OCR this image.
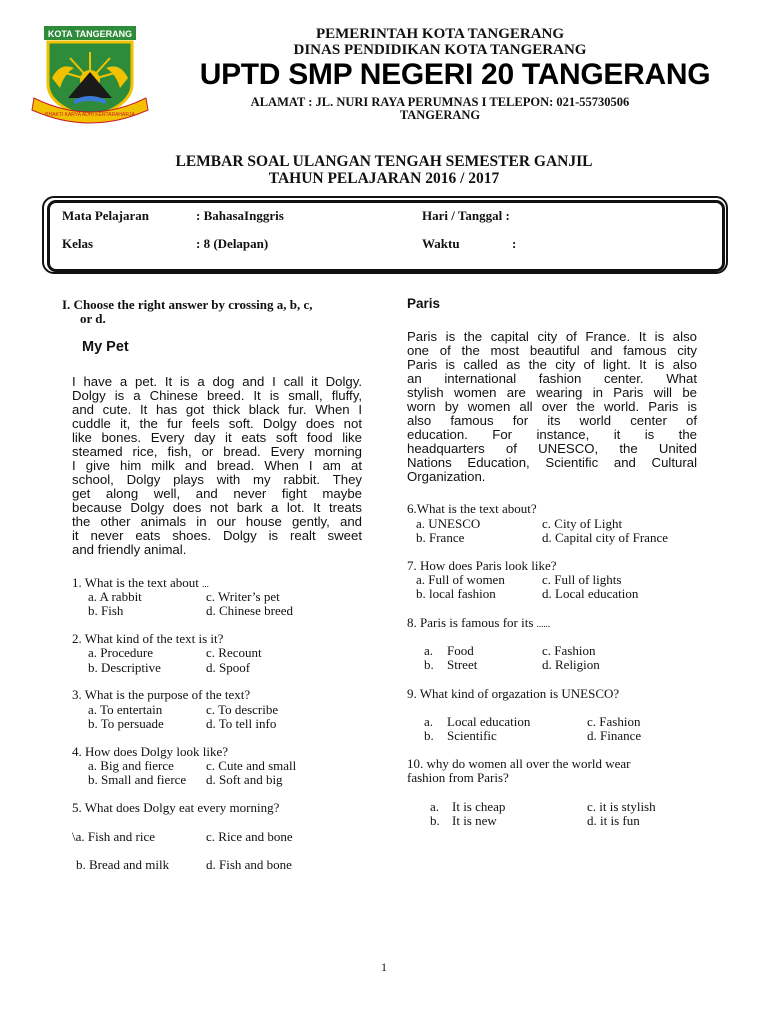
KOTA TANGERANG
BHAKTI KARYA ADHI KERTARAHARJA
PEMERINTAH KOTA TANGERANG
DINAS PENDIDIKAN KOTA TANGERANG
UPTD SMP NEGERI 20 TANGERANG
ALAMAT : JL. NURI RAYA PERUMNAS I TELEPON: 021-55730506
TANGERANG
LEMBAR SOAL ULANGAN TENGAH SEMESTER GANJIL
TAHUN PELAJARAN 2016 / 2017
Mata Pelajaran	: BahasaInggris	Hari / Tanggal :
Kelas	: 8 (Delapan)	Waktu	:
I. Choose the right answer by crossing a, b, c,
or d.
My Pet
I have a pet. It is a dog and I call it Dolgy.
Dolgy is a Chinese breed. It is small, fluffy,
and cute. It has got thick black fur. When I
cuddle it, the fur feels soft. Dolgy does not
like bones. Every day it eats soft food like
steamed rice, fish, or bread. Every morning
I give him milk and bread. When I am at
school, Dolgy plays with my rabbit. They
get along well, and never fight maybe
because Dolgy does not bark a lot. It treats
the other animals in our house gently, and
it never eats shoes. Dolgy is realt sweet
and friendly animal.
1. What is the text about ...
a. A rabbit	c. Writer’s pet
b. Fish	d. Chinese breed
2. What kind of the text is it?
a. Procedure	c. Recount
b. Descriptive	d. Spoof
3. What is the purpose of the text?
a. To entertain	c. To describe
b. To persuade	d. To tell info
4. How does Dolgy look like?
a. Big and fierce c. Cute and small
b. Small and fierce d. Soft and big
5. What does Dolgy eat every morning?
\a. Fish and rice	c. Rice and bone
b. Bread and milk	d. Fish and bone
Paris
Paris is the capital city of France. It is also
one of the most beautiful and famous city
Paris is called as the city of light. It is also
an international fashion center. What
stylish women are wearing in Paris will be
worn by women all over the world. Paris is
also famous for its world center of
education. For instance, it is the
headquarters of UNESCO, the United
Nations Education, Scientific and Cultural
Organization.
6.What is the text about?
a. UNESCO	c. City of Light
b. France	d. Capital city of France
7. How does Paris look like?
a. Full of women	c. Full of lights
b. local fashion	d. Local education
8. Paris is famous for its ......
a. Food	c. Fashion
b. Street	d. Religion
9. What kind of orgazation is UNESCO?
a. Local education	c. Fashion
b. Scientific	d. Finance
10. why do women all over the world wear
fashion from Paris?
a. It is cheap	c. it is stylish
b. It is new	d. it is fun
1
